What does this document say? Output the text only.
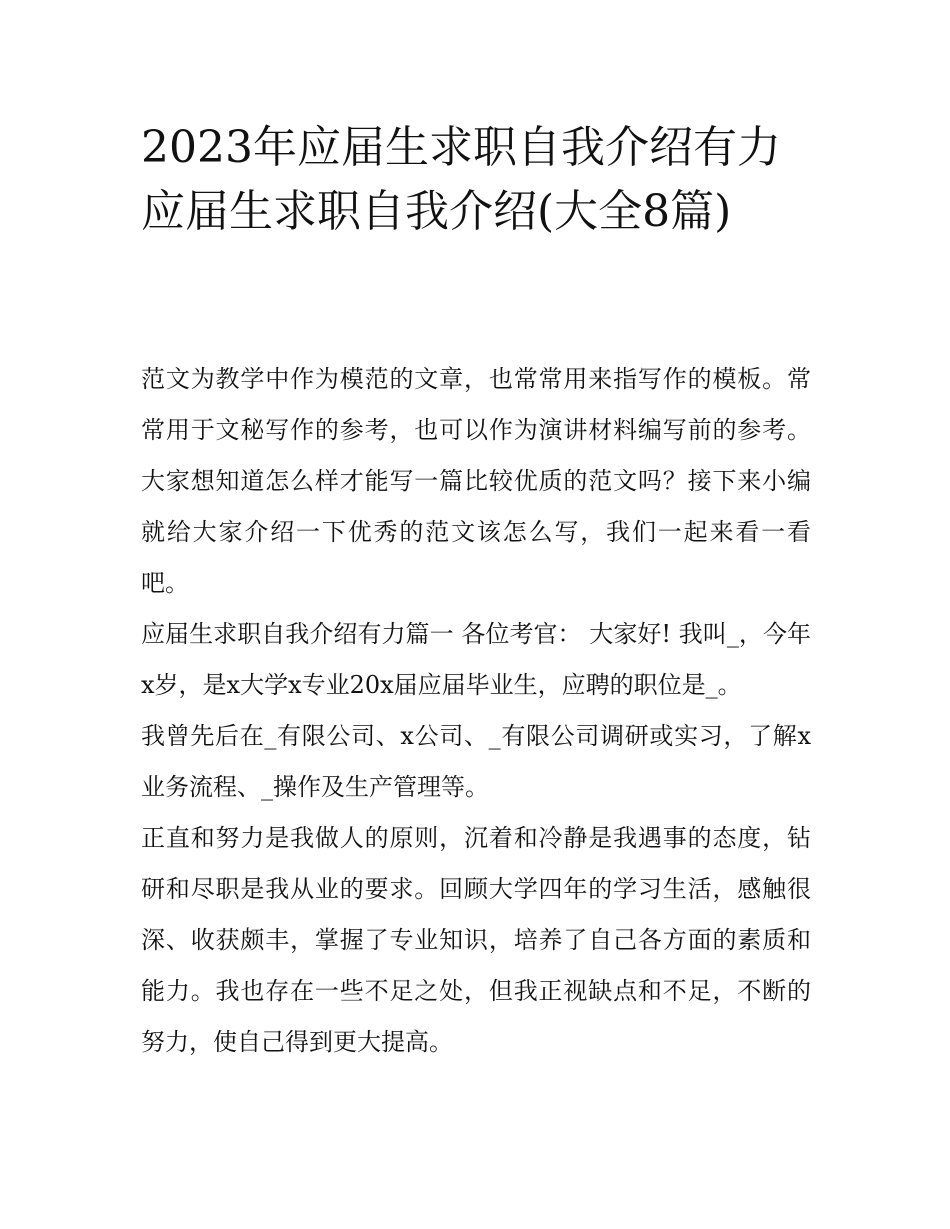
2023年应届生求职自我介绍有力 应届生求职自我介绍(大全8篇)

范文为教学中作为模范的文章，也常常用来指写作的模板。常常用于文秘写作的参考，也可以作为演讲材料编写前的参考。大家想知道怎么样才能写一篇比较优质的范文吗？接下来小编就给大家介绍一下优秀的范文该怎么写，我们一起来看一看吧。

应届生求职自我介绍有力篇一 各位考官： 大家好! 我叫_，今年x岁，是x大学x专业20x届应届毕业生，应聘的职位是_。

我曾先后在_有限公司、x公司、_有限公司调研或实习，了解x业务流程、_操作及生产管理等。

正直和努力是我做人的原则，沉着和冷静是我遇事的态度，钻研和尽职是我从业的要求。回顾大学四年的学习生活，感触很深、收获颇丰，掌握了专业知识，培养了自己各方面的素质和能力。我也存在一些不足之处，但我正视缺点和不足，不断的努力，使自己得到更大提高。
